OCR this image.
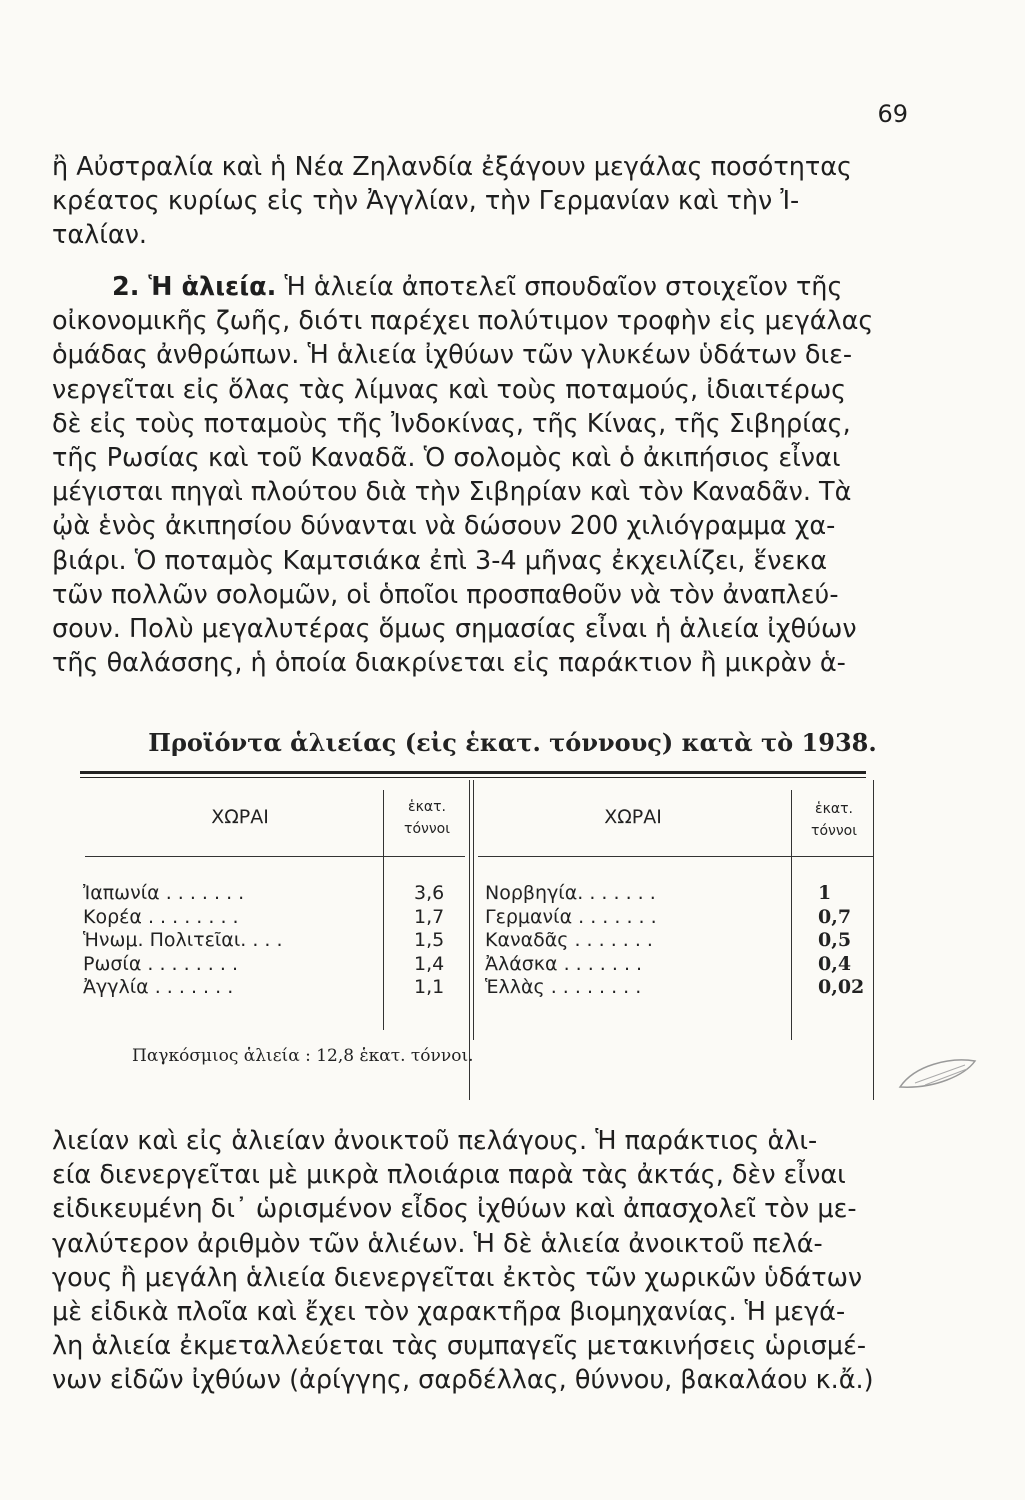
69
ἢ Αὐστραλία καὶ ἡ Νέα Ζηλανδία ἐξάγουν μεγάλας ποσότητας
κρέατος κυρίως εἰς τὴν Ἀγγλίαν, τὴν Γερμανίαν καὶ τὴν Ἰ-
ταλίαν.
2. Ἡ ἁλιεία. Ἡ ἁλιεία ἀποτελεῖ σπουδαῖον στοιχεῖον τῆς
οἰκονομικῆς ζωῆς, διότι παρέχει πολύτιμον τροφὴν εἰς μεγάλας
ὁμάδας ἀνθρώπων. Ἡ ἁλιεία ἰχθύων τῶν γλυκέων ὑδάτων διε-
νεργεῖται εἰς ὅλας τὰς λίμνας καὶ τοὺς ποταμούς, ἰδιαιτέρως
δὲ εἰς τοὺς ποταμοὺς τῆς Ἰνδοκίνας, τῆς Κίνας, τῆς Σιβηρίας,
τῆς Ρωσίας καὶ τοῦ Καναδᾶ. Ὁ σολομὸς καὶ ὁ ἀκιπήσιος εἶναι
μέγισται πηγαὶ πλούτου διὰ τὴν Σιβηρίαν καὶ τὸν Καναδᾶν. Τὰ
ᾠὰ ἑνὸς ἀκιπησίου δύνανται νὰ δώσουν 200 χιλιόγραμμα χα-
βιάρι. Ὁ ποταμὸς Καμτσιάκα ἐπὶ 3-4 μῆνας ἐκχειλίζει, ἕνεκα
τῶν πολλῶν σολομῶν, οἱ ὁποῖοι προσπαθοῦν νὰ τὸν ἀναπλεύ-
σουν. Πολὺ μεγαλυτέρας ὅμως σημασίας εἶναι ἡ ἁλιεία ἰχθύων
τῆς θαλάσσης, ἡ ὁποία διακρίνεται εἰς παράκτιον ἢ μικρὰν ἁ-
Προϊόντα ἁλιείας (εἰς ἑκατ. τόννους) κατὰ τὸ 1938.
ΧΩΡΑΙ	ἑκατ.
τόννοι
ΧΩΡΑΙ	ἑκατ.
τόννοι
Ἰαπωνία . . . . . . .
Κορέα . . . . . . . .
Ἡνωμ. Πολιτεῖαι. . . .
Ρωσία . . . . . . . .
Ἀγγλία . . . . . . .
3,6
1,7
1,5
1,4
1,1
Νορβηγία. . . . . . .
Γερμανία . . . . . . .
Καναδᾶς . . . . . . .
Ἀλάσκα . . . . . . .
Ἑλλὰς . . . . . . . .
1
0,7
0,5
0,4
0,02
Παγκόσμιος ἁλιεία : 12,8 ἑκατ. τόννοι.
λιείαν καὶ εἰς ἁλιείαν ἀνοικτοῦ πελάγους. Ἡ παράκτιος ἁλι-
εία διενεργεῖται μὲ μικρὰ πλοιάρια παρὰ τὰς ἀκτάς, δὲν εἶναι
εἰδικευμένη δι᾽ ὡρισμένον εἶδος ἰχθύων καὶ ἀπασχολεῖ τὸν με-
γαλύτερον ἀριθμὸν τῶν ἁλιέων. Ἡ δὲ ἁλιεία ἀνοικτοῦ πελά-
γους ἢ μεγάλη ἁλιεία διενεργεῖται ἐκτὸς τῶν χωρικῶν ὑδάτων
μὲ εἰδικὰ πλοῖα καὶ ἔχει τὸν χαρακτῆρα βιομηχανίας. Ἡ μεγά-
λη ἁλιεία ἐκμεταλλεύεται τὰς συμπαγεῖς μετακινήσεις ὡρισμέ-
νων εἰδῶν ἰχθύων (ἀρίγγης, σαρδέλλας, θύννου, βακαλάου κ.ἄ.)
